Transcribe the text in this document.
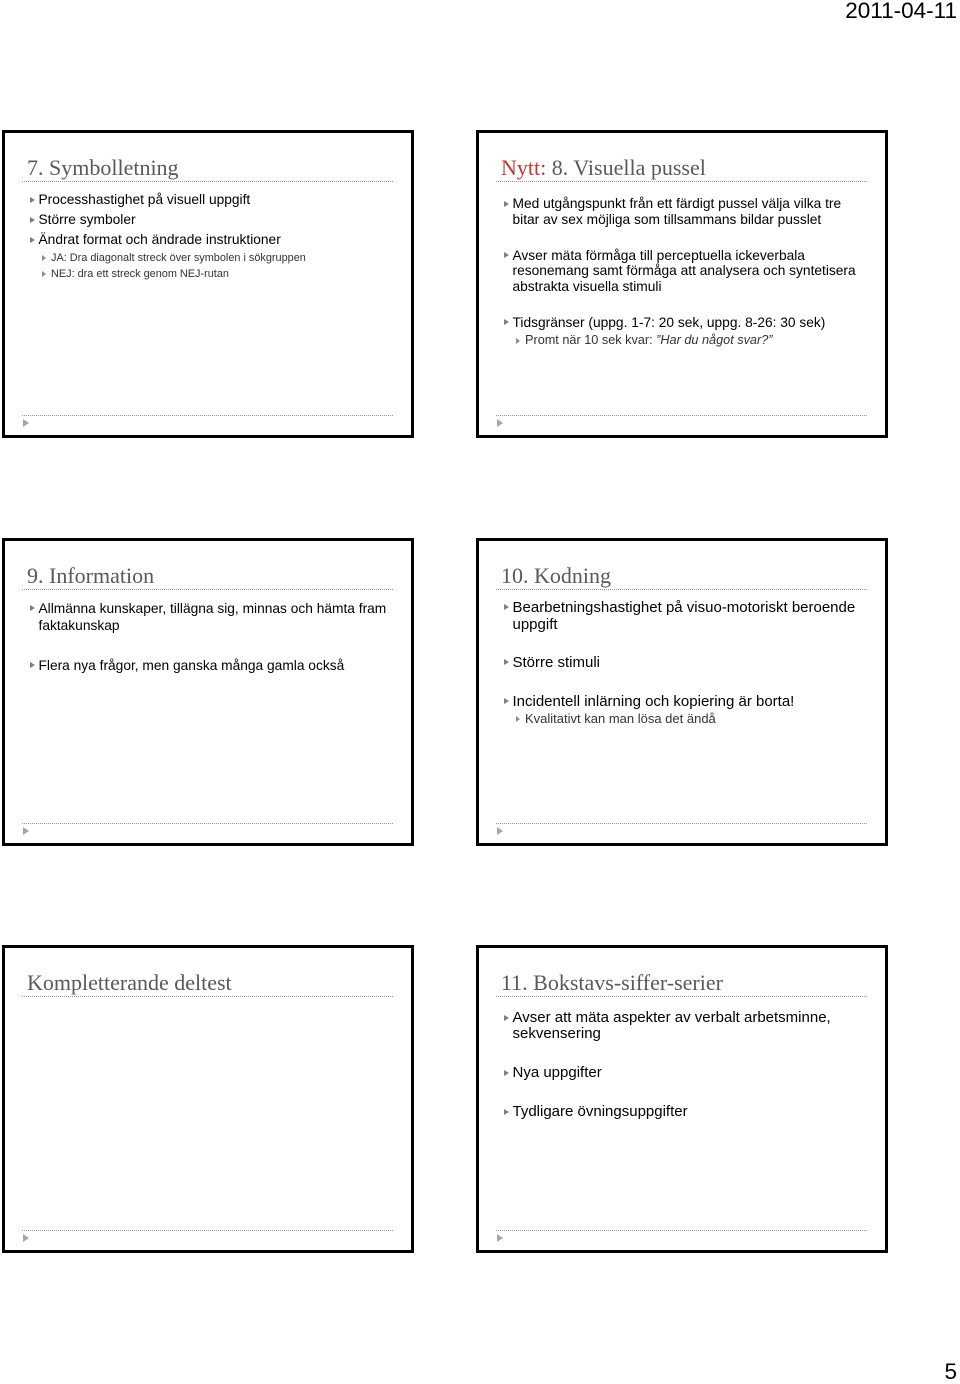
2011-04-11
7. Symbolletning
Processhastighet på visuell uppgift
Större symboler
Ändrat format och ändrade instruktioner
JA: Dra diagonalt streck över symbolen i sökgruppen
NEJ: dra ett streck genom NEJ-rutan
Nytt: 8. Visuella pussel
Med utgångspunkt från ett färdigt pussel välja vilka tre bitar av sex möjliga som tillsammans bildar pusslet
Avser mäta förmåga till perceptuella ickeverbala resonemang samt förmåga att analysera och syntetisera abstrakta visuella stimuli
Tidsgränser (uppg. 1-7: 20 sek, uppg. 8-26: 30 sek)
Promt när 10 sek kvar: ”Har du något svar?”
9. Information
Allmänna kunskaper, tillägna sig, minnas och hämta fram faktakunskap
Flera nya frågor, men ganska många gamla också
10. Kodning
Bearbetningshastighet på visuo-motoriskt beroende uppgift
Större stimuli
Incidentell inlärning och kopiering är borta!
Kvalitativt kan man lösa det ändå
Kompletterande deltest	11. Bokstavs-siffer-serier
Avser att mäta aspekter av verbalt arbetsminne, sekvensering
Nya uppgifter
Tydligare övningsuppgifter
5
